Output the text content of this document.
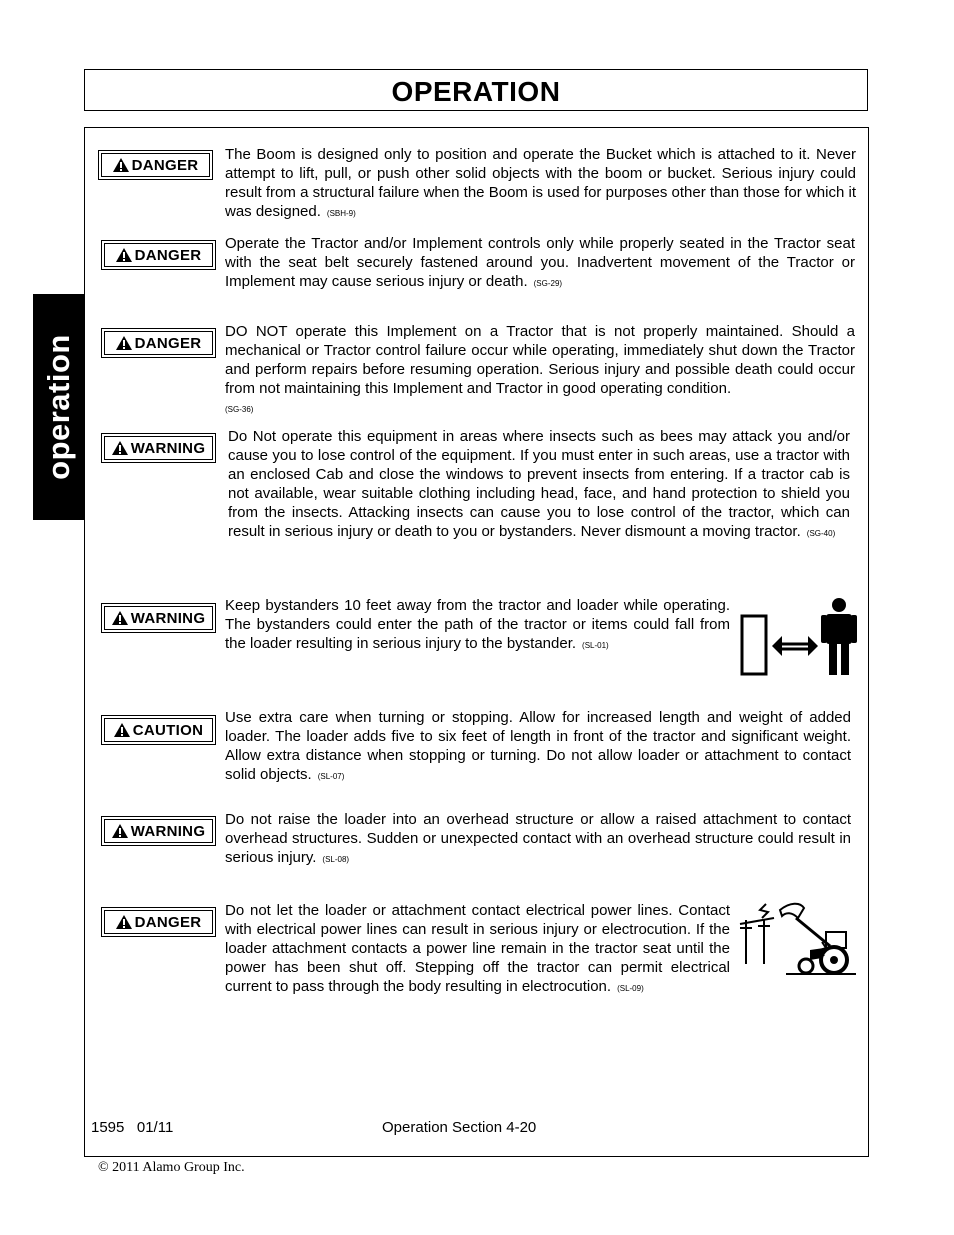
OPERATION
operation
DANGER
The Boom is designed only to position and operate the Bucket which is attached to it. Never attempt to lift, pull, or push other solid objects with the boom or bucket. Serious injury could result from a structural failure when the Boom is used for purposes other than those for which it was designed. (SBH-9)
DANGER
Operate the Tractor and/or Implement controls only while properly seated in the Tractor seat with the seat belt securely fastened around you. Inadvertent movement of the Tractor or Implement may cause serious injury or death. (SG-29)
DANGER
DO NOT operate this Implement on a Tractor that is not properly maintained. Should a mechanical or Tractor control failure occur while operating, immediately shut down the Tractor and perform repairs before resuming operation. Serious injury and possible death could occur from not maintaining this Implement and Tractor in good operating condition.
(SG-36)
WARNING
Do Not operate this equipment in areas where insects such as bees may attack you and/or cause you to lose control of the equipment. If you must enter in such areas, use a tractor with an enclosed Cab and close the windows to prevent insects from entering. If a tractor cab is not available, wear suitable clothing including head, face, and hand protection to shield you from the insects. Attacking insects can cause you to lose control of the tractor, which can result in serious injury or death to you or bystanders. Never dismount a moving tractor. (SG-40)
WARNING
Keep bystanders 10 feet away from the tractor and loader while operating. The bystanders could enter the path of the tractor or items could fall from the loader resulting in serious injury to the bystander. (SL-01)
CAUTION
Use extra care when turning or stopping. Allow for increased length and weight of added loader. The loader adds five to six feet of length in front of the tractor and significant weight. Allow extra distance when stopping or turning. Do not allow loader or attachment to contact solid objects. (SL-07)
WARNING
Do not raise the loader into an overhead structure or allow a raised attachment to contact overhead structures. Sudden or unexpected contact with an overhead structure could result in serious injury. (SL-08)
DANGER
Do not let the loader or attachment contact electrical power lines. Contact with electrical power lines can result in serious injury or electrocution. If the loader attachment contacts a power line remain in the tractor seat until the power has been shut off. Stepping off the tractor can permit electrical current to pass through the body resulting in electrocution. (SL-09)
1595   01/11	Operation Section 4-20
© 2011 Alamo Group Inc.
